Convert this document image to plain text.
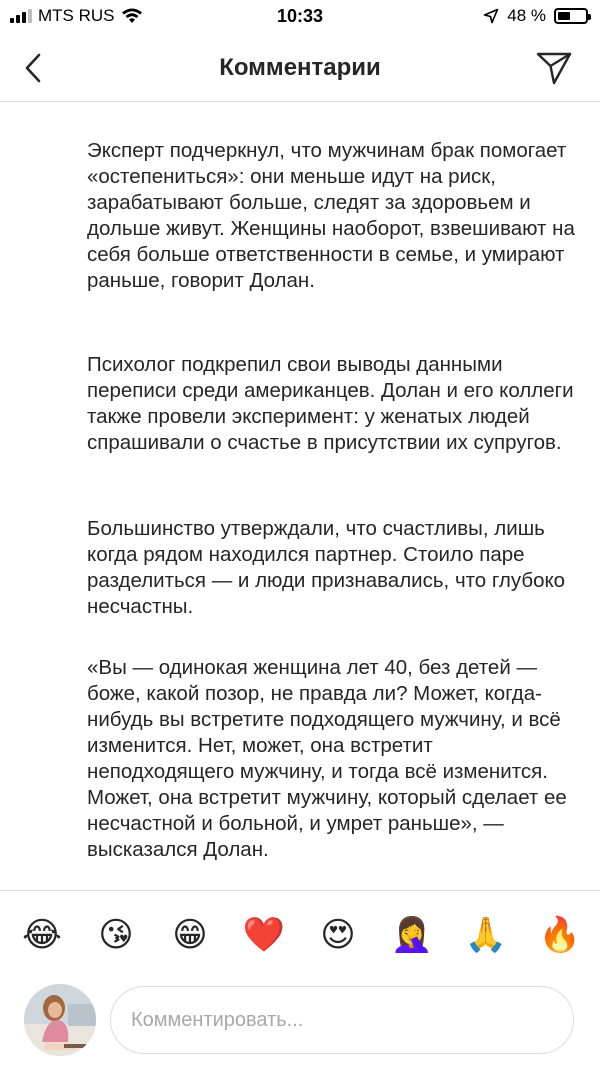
MTS RUS	10:33	48 %
Комментарии
Эксперт подчеркнул, что мужчинам брак помогает «остепениться»: они меньше идут на риск, зарабатывают больше, следят за здоровьем и дольше живут. Женщины наоборот, взвешивают на себя больше ответственности в семье, и умирают раньше, говорит Долан.
Психолог подкрепил свои выводы данными переписи среди американцев. Долан и его коллеги также провели эксперимент: у женатых людей спрашивали о счастье в присутствии их супругов.
Большинство утверждали, что счастливы, лишь когда рядом находился партнер. Стоило паре разделиться — и люди признавались, что глубоко несчастны.
«Вы — одинокая женщина лет 40, без детей — боже, какой позор, не правда ли? Может, когда-нибудь вы встретите подходящего мужчину, и всё изменится. Нет, может, она встретит неподходящего мужчину, и тогда всё изменится. Может, она встретит мужчину, который сделает ее несчастной и больной, и умрет раньше», — высказался Долан.
😂 😘 😁 ❤️ 😍 🤦‍♀️ 🙏 🔥
Комментировать...
